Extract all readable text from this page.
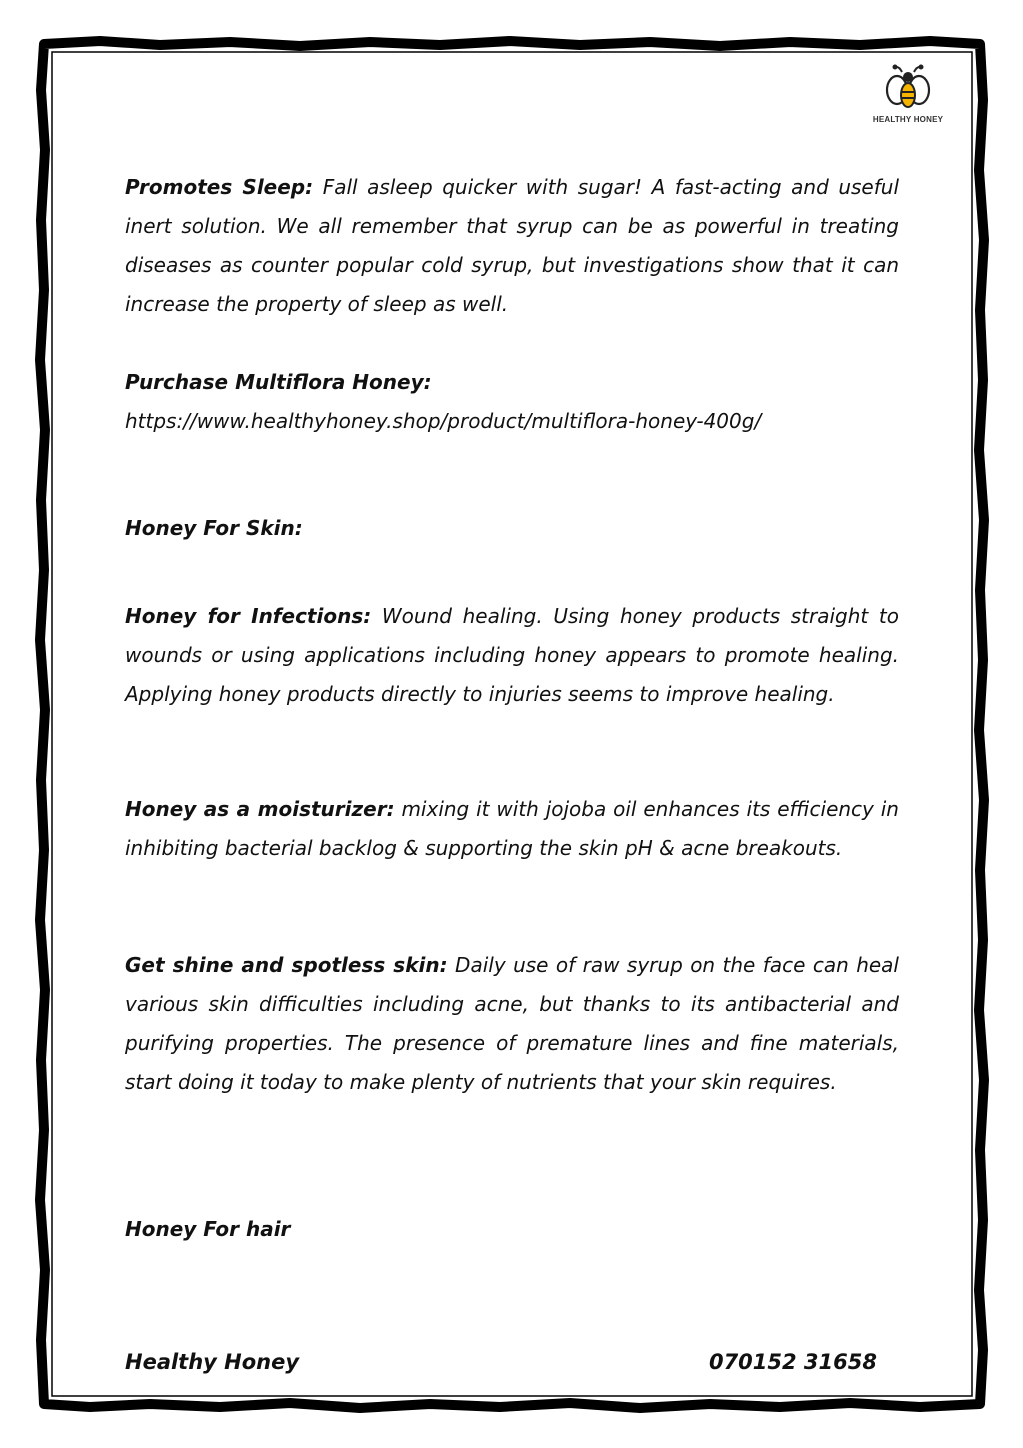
HEALTHY HONEY

Promotes Sleep: Fall asleep quicker with sugar! A fast-acting and useful inert solution. We all remember that syrup can be as powerful in treating diseases as counter popular cold syrup, but investigations show that it can increase the property of sleep as well.

Purchase Multiflora Honey:
https://www.healthyhoney.shop/product/multiflora-honey-400g/
Honey For Skin:

Honey for Infections: Wound healing. Using honey products straight to wounds or using applications including honey appears to promote healing. Applying honey products directly to injuries seems to improve healing.

Honey as a moisturizer: mixing it with jojoba oil enhances its efficiency in inhibiting bacterial backlog & supporting the skin pH & acne breakouts.

Get shine and spotless skin: Daily use of raw syrup on the face can heal various skin difficulties including acne, but thanks to its antibacterial and purifying properties. The presence of premature lines and fine materials, start doing it today to make plenty of nutrients that your skin requires.

Honey For hair
Healthy Honey	070152 31658
